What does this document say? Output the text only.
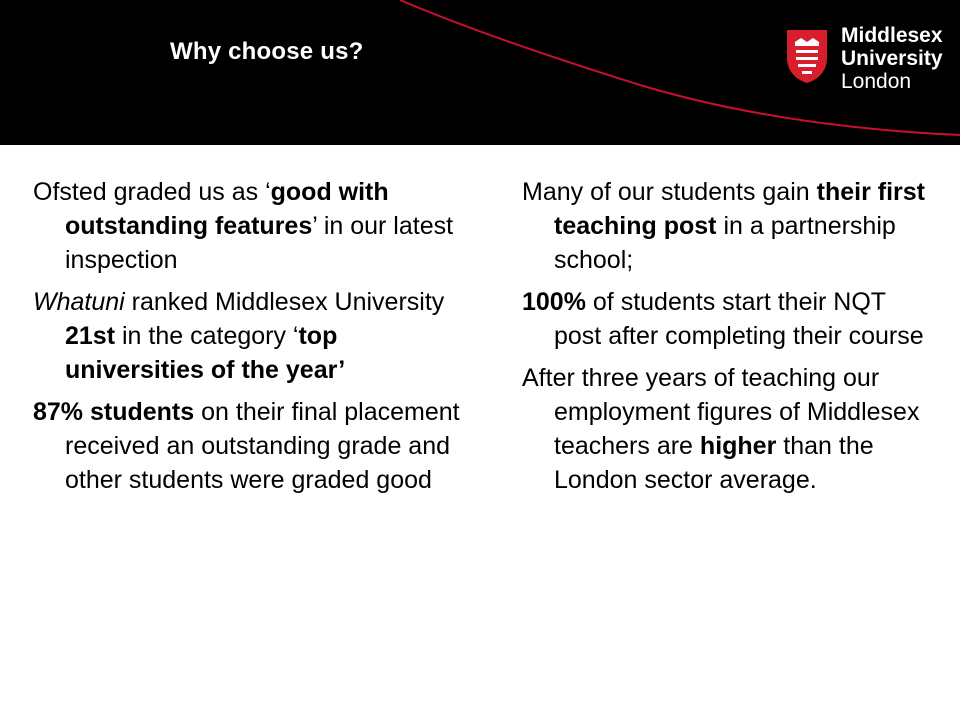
Why choose us?
Middlesex
University
London

Ofsted graded us as ‘good with outstanding features’ in our latest inspection

Whatuni ranked Middlesex University 21st in the category ‘top universities of the year’

87% students on their final placement received an outstanding grade and other students were graded good

Many of our students gain their first teaching post in a partnership school;

100% of students start their NQT post after completing their course

After three years of teaching our employment figures of Middlesex teachers are higher than the London sector average.
